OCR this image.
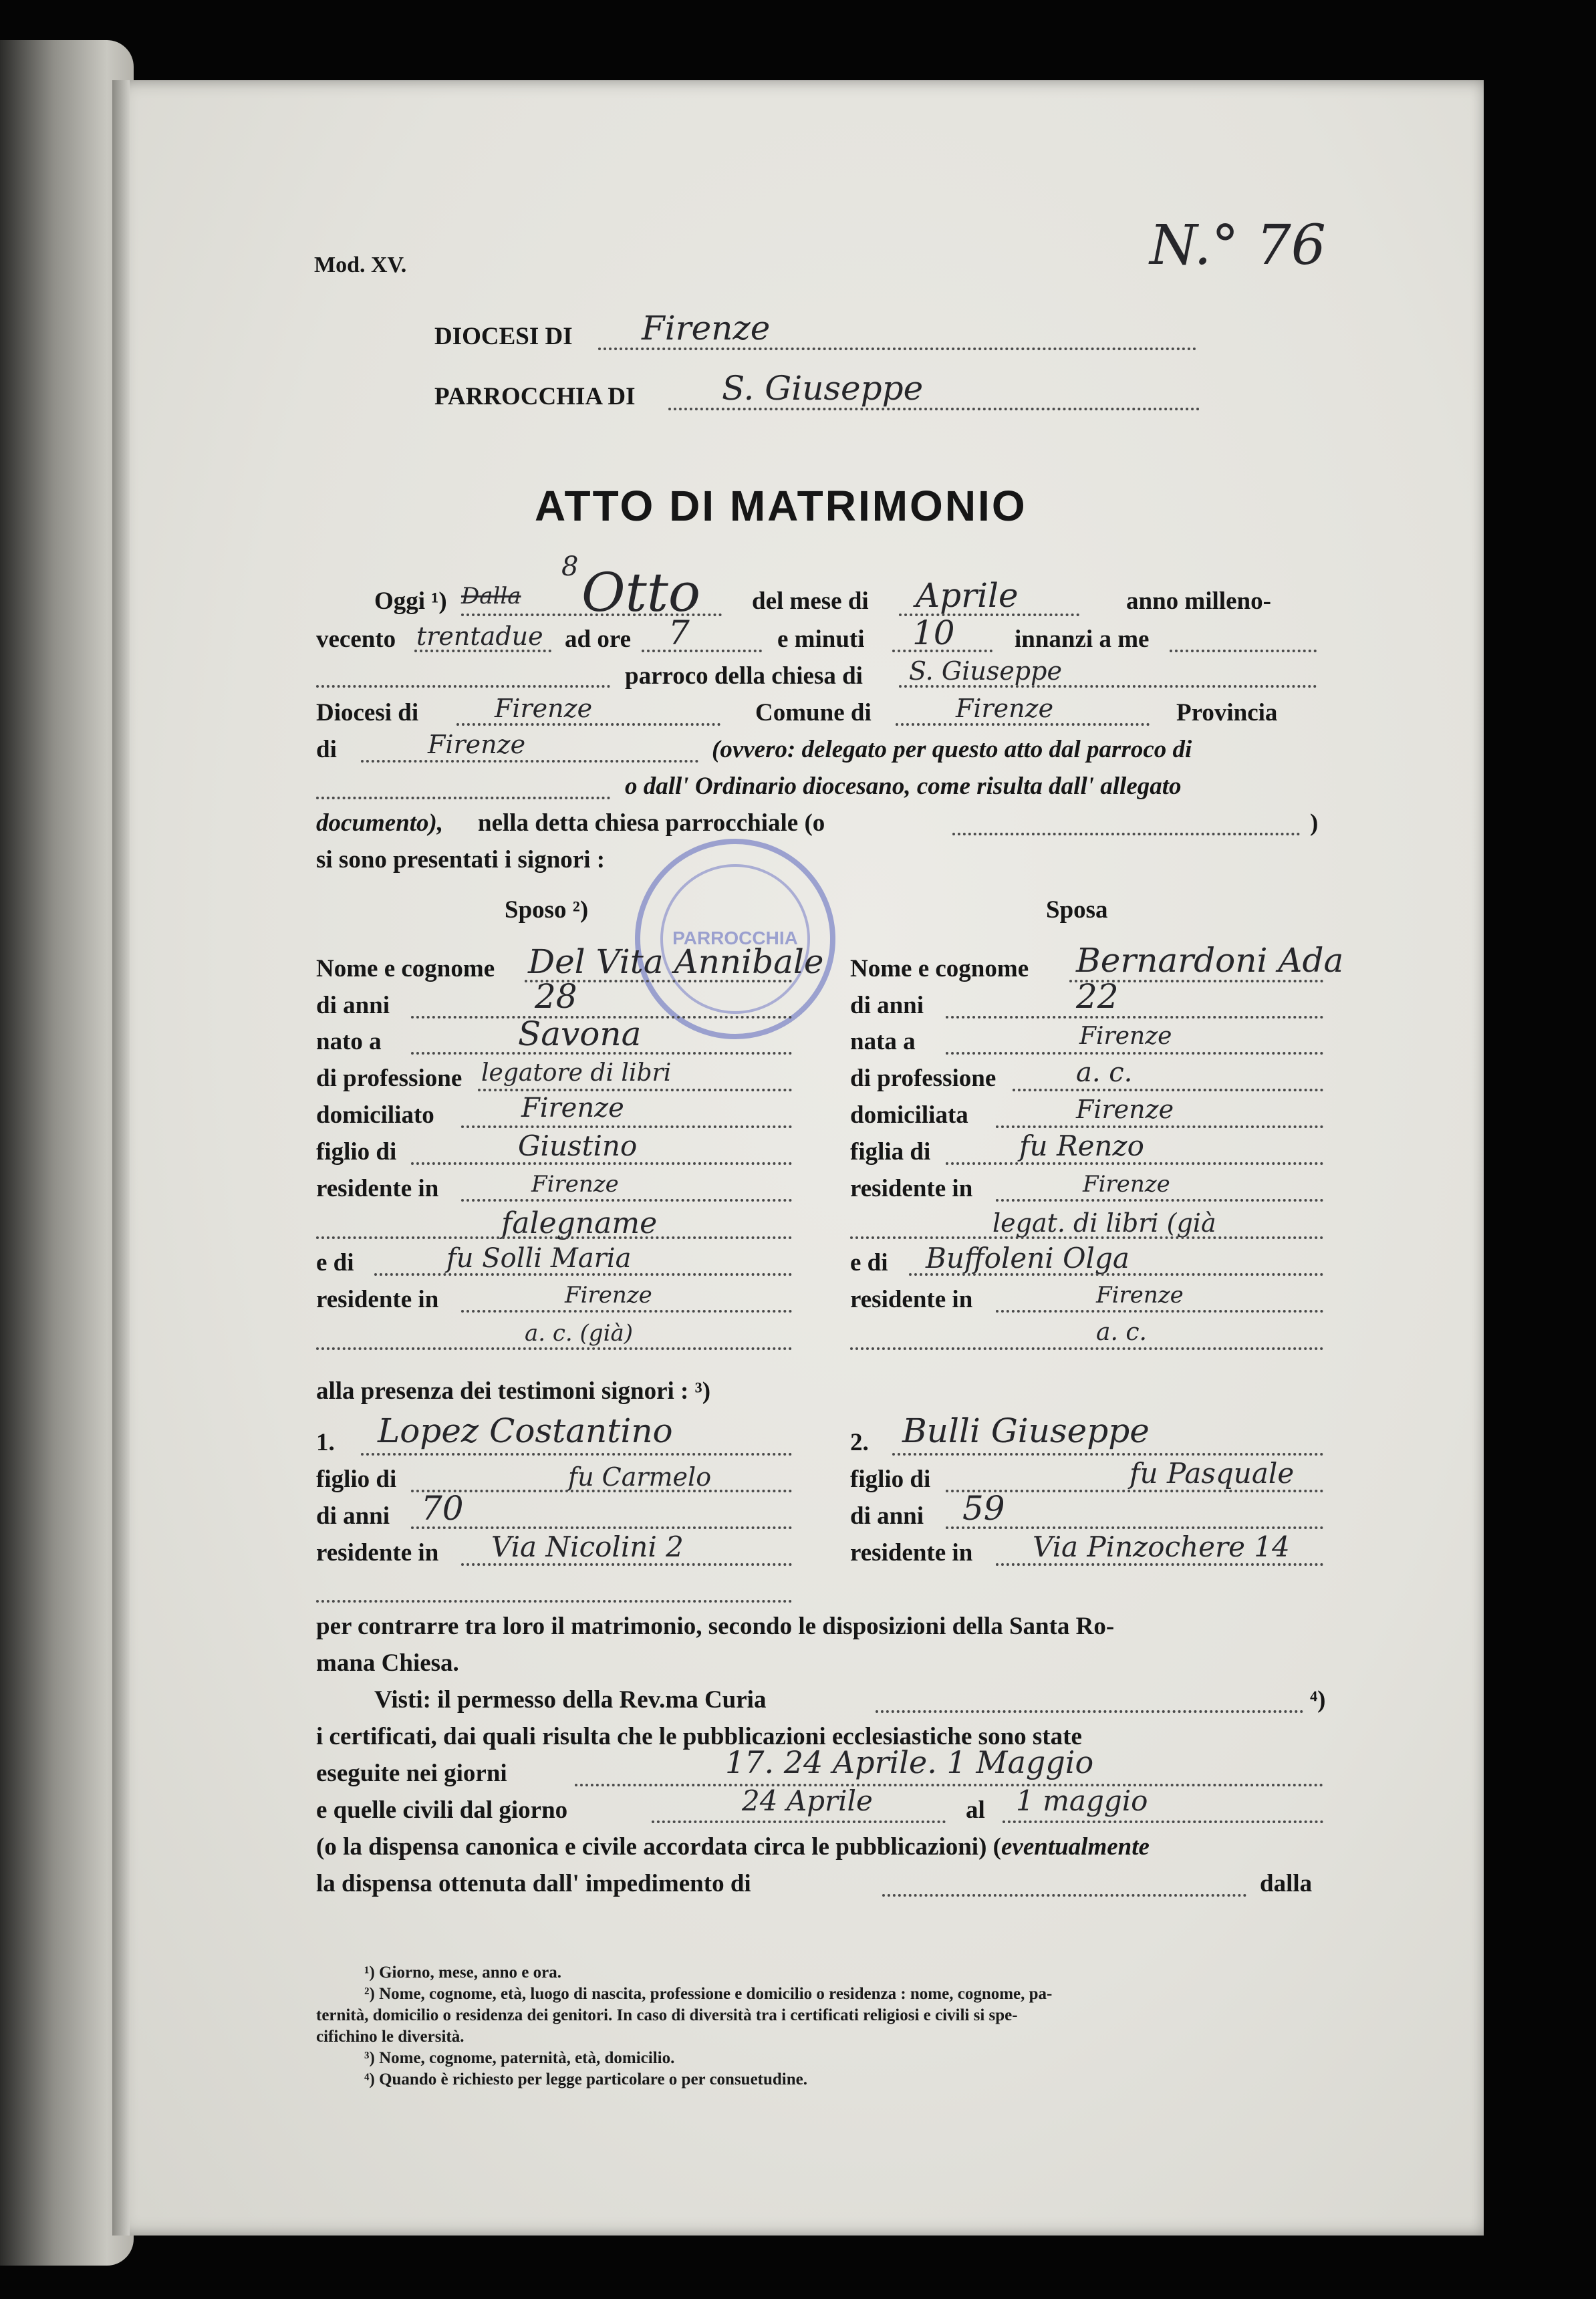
Mod. XV.	N.° 76
DIOCESI DI Firenze
PARROCCHIA DI	S. Giuseppe
ATTO DI MATRIMONIO
Oggi ¹) Dalla
8 Otto del mese di Aprile	anno milleno-
vecento trentadue ad ore 7	e minuti 10 innanzi a me
parroco della chiesa di S. Giuseppe
Diocesi di	Firenze	Comune di	Firenze	Provincia
di	Firenze	(ovvero: delegato per questo atto dal parroco di
o dall' Ordinario diocesano, come risulta dall' allegato
documento), nella detta chiesa parrocchiale (o	)
si sono presentati i signori :
PARROCCHIA
Sposo ²)	Sposa
Nome e cognome Del Vita Annibale
di anni	28
nato a	Savona
di professione legatore di libri
domiciliato	Firenze
figlio di	Giustino
residente in	Firenze
falegname
e di	fu Solli Maria
residente in	Firenze
a. c. (già)
Nome e cognome Bernardoni Ada
di anni	22
nata a	Firenze
di professione	a. c.
domiciliata	Firenze
figlia di	fu Renzo
residente in	Firenze
legat. di libri (già
e di Buffoleni Olga
residente in	Firenze
a. c.
alla presenza dei testimoni signori : ³)
1. Lopez Costantino
figlio di	fu Carmelo
di anni 70
residente in Via Nicolini 2
2. Bulli Giuseppe
figlio di	fu Pasquale
di anni 59
residente in Via Pinzochere 14
per contrarre tra loro il matrimonio, secondo le disposizioni della Santa Ro-
mana Chiesa.
Visti: il permesso della Rev.ma Curia	⁴)
i certificati, dai quali risulta che le pubblicazioni ecclesiastiche sono state
eseguite nei giorni	17. 24 Aprile. 1 Maggio
e quelle civili dal giorno	24 Aprile	al 1 maggio
(o la dispensa canonica e civile accordata circa le pubblicazioni) (eventualmente
la dispensa ottenuta dall' impedimento di	dalla
¹) Giorno, mese, anno e ora.
²) Nome, cognome, età, luogo di nascita, professione e domicilio o residenza : nome, cognome, pa-
ternità, domicilio o residenza dei genitori. In caso di diversità tra i certificati religiosi e civili si spe-
cifichino le diversità.
³) Nome, cognome, paternità, età, domicilio.
⁴) Quando è richiesto per legge particolare o per consuetudine.
